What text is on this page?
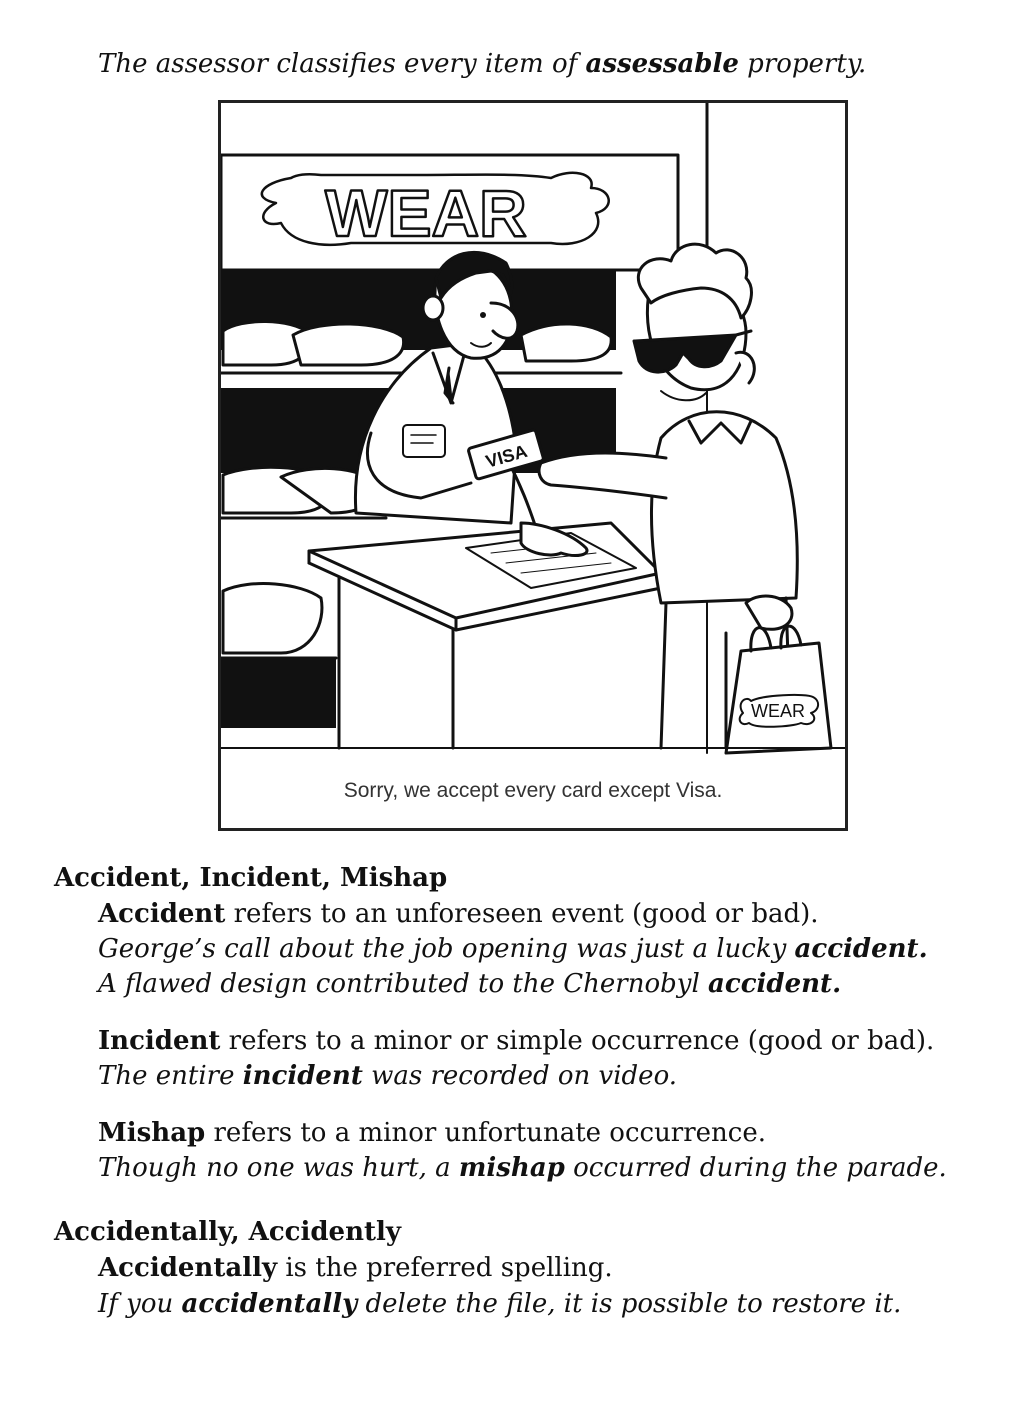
The assessor classifies every item of assessable property.
WEAR
VISA
WEAR
Sorry, we accept every card except Visa.
Accident, Incident, Mishap
Accident refers to an unforeseen event (good or bad).
George’s call about the job opening was just a lucky accident.
A flawed design contributed to the Chernobyl accident.
Incident refers to a minor or simple occurrence (good or bad).
The entire incident was recorded on video.
Mishap refers to a minor unfortunate occurrence.
Though no one was hurt, a mishap occurred during the parade.
Accidentally, Accidently
Accidentally is the preferred spelling.
If you accidentally delete the file, it is possible to restore it.
